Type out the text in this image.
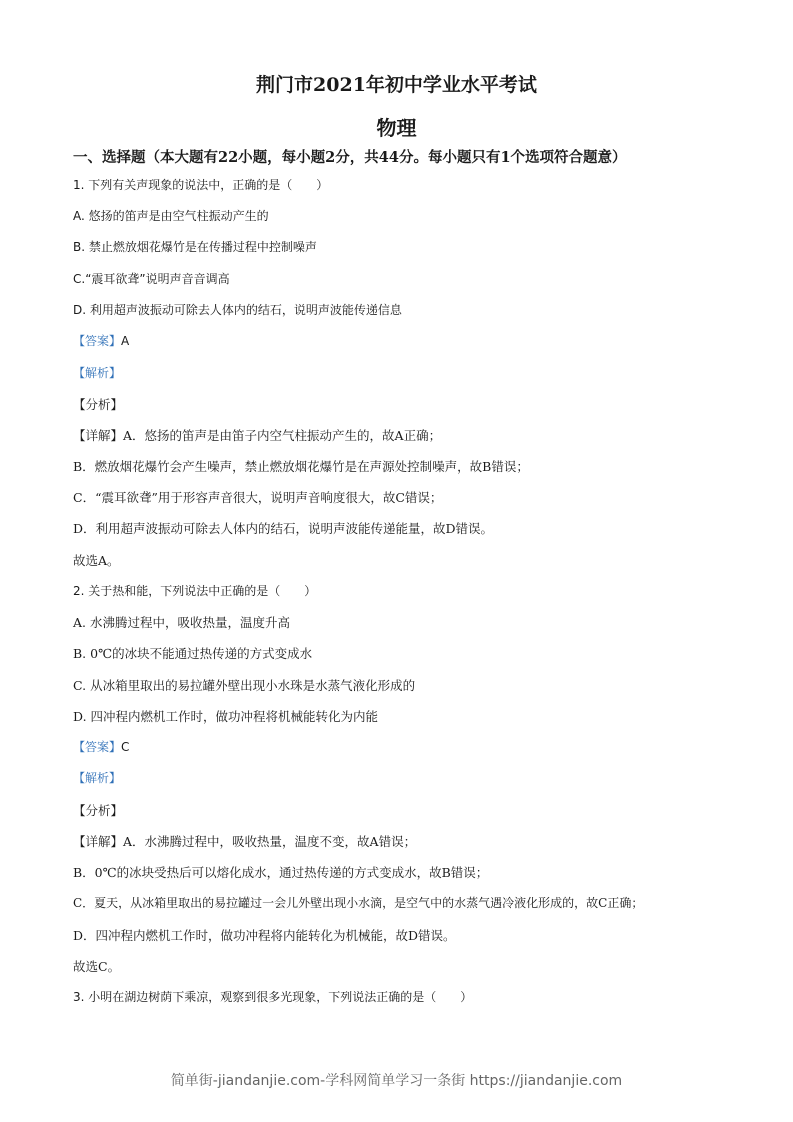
荆门市2021年初中学业水平考试
物理
一、选择题（本大题有22小题，每小题2分，共44分。每小题只有1个选项符合题意）
1. 下列有关声现象的说法中，正确的是（　　）
A. 悠扬的笛声是由空气柱振动产生的
B. 禁止燃放烟花爆竹是在传播过程中控制噪声
C.“震耳欲聋”说明声音音调高
D. 利用超声波振动可除去人体内的结石，说明声波能传递信息
【答案】A
【解析】
【分析】
【详解】A．悠扬的笛声是由笛子内空气柱振动产生的，故A正确；
B．燃放烟花爆竹会产生噪声，禁止燃放烟花爆竹是在声源处控制噪声，故B错误；
C．“震耳欲聋”用于形容声音很大，说明声音响度很大，故C错误；
D．利用超声波振动可除去人体内的结石，说明声波能传递能量，故D错误。
故选A。
2. 关于热和能，下列说法中正确的是（　　）
A. 水沸腾过程中，吸收热量，温度升高
B. 0℃的冰块不能通过热传递的方式变成水
C. 从冰箱里取出的易拉罐外壁出现小水珠是水蒸气液化形成的
D. 四冲程内燃机工作时，做功冲程将机械能转化为内能
【答案】C
【解析】
【分析】
【详解】A．水沸腾过程中，吸收热量，温度不变，故A错误；
B．0℃的冰块受热后可以熔化成水，通过热传递的方式变成水，故B错误；
C．夏天，从冰箱里取出的易拉罐过一会儿外壁出现小水滴，是空气中的水蒸气遇冷液化形成的，故C正确；
D．四冲程内燃机工作时，做功冲程将内能转化为机械能，故D错误。
故选C。
3. 小明在湖边树荫下乘凉，观察到很多光现象，下列说法正确的是（　　）
简单街-jiandanjie.com-学科网简单学习一条街 https://jiandanjie.com
